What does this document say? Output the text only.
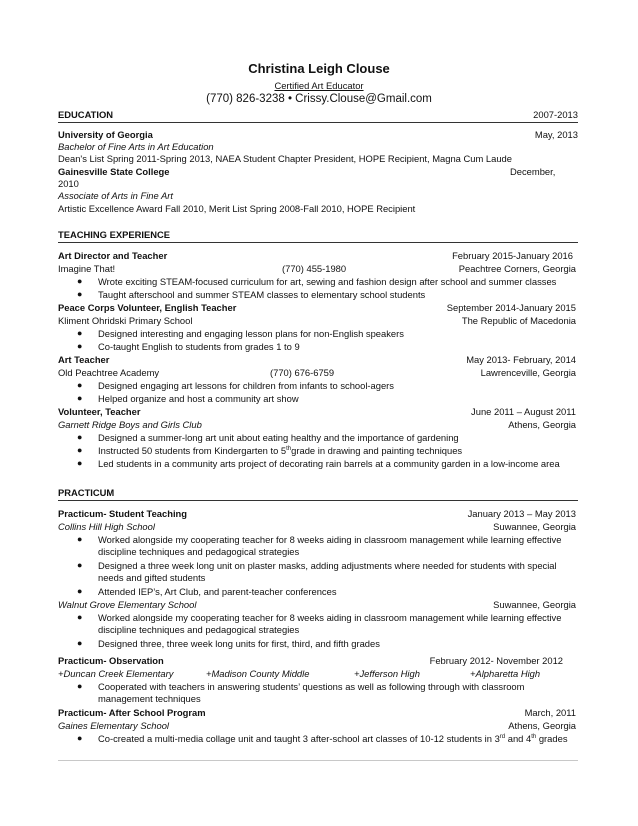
Christina Leigh Clouse
Certified Art Educator
(770) 826-3238 • Crissy.Clouse@Gmail.com
EDUCATION	2007-2013
University of Georgia	May, 2013
Bachelor of Fine Arts in Art Education
Dean's List Spring 2011-Spring 2013, NAEA Student Chapter President, HOPE Recipient, Magna Cum Laude
Gainesville State College	December,
2010
Associate of Arts in Fine Art
Artistic Excellence Award Fall 2010, Merit List Spring 2008-Fall 2010, HOPE Recipient
TEACHING EXPERIENCE
Art Director and Teacher	February 2015-January 2016
Imagine That!	(770) 455-1980	Peachtree Corners, Georgia
● Wrote exciting STEAM-focused curriculum for art, sewing and fashion design after school and summer classes
● Taught afterschool and summer STEAM classes to elementary school students
Peace Corps Volunteer, English Teacher	September 2014-January 2015
Kliment Ohridski Primary School	The Republic of Macedonia
● Designed interesting and engaging lesson plans for non-English speakers
● Co-taught English to students from grades 1 to 9
Art Teacher	May 2013- February, 2014
Old Peachtree Academy	(770) 676-6759	Lawrenceville, Georgia
● Designed engaging art lessons for children from infants to school-agers
● Helped organize and host a community art show
Volunteer, Teacher	June 2011 – August 2011
Garnett Ridge Boys and Girls Club	Athens, Georgia
● Designed a summer-long art unit about eating healthy and the importance of gardening
● Instructed 50 students from Kindergarten to 5thgrade in drawing and painting techniques
● Led students in a community arts project of decorating rain barrels at a community garden in a low-income area
PRACTICUM
Practicum- Student Teaching	January 2013 – May 2013
Collins Hill High School	Suwannee, Georgia
● Worked alongside my cooperating teacher for 8 weeks aiding in classroom management while learning effective
discipline techniques and pedagogical strategies
● Designed a three week long unit on plaster masks, adding adjustments where needed for students with special
needs and gifted students
● Attended IEP’s, Art Club, and parent-teacher conferences
Walnut Grove Elementary School	Suwannee, Georgia
● Worked alongside my cooperating teacher for 8 weeks aiding in classroom management while learning effective
discipline techniques and pedagogical strategies
● Designed three, three week long units for first, third, and fifth grades
Practicum- Observation	February 2012- November 2012
+Duncan Creek Elementary	+Madison County Middle	+Jefferson High	+Alpharetta High
● Cooperated with teachers in answering students’ questions as well as following through with classroom
management techniques
Practicum- After School Program	March, 2011
Gaines Elementary School	Athens, Georgia
● Co-created a multi-media collage unit and taught 3 after-school art classes of 10-12 students in 3rd and 4th grades
